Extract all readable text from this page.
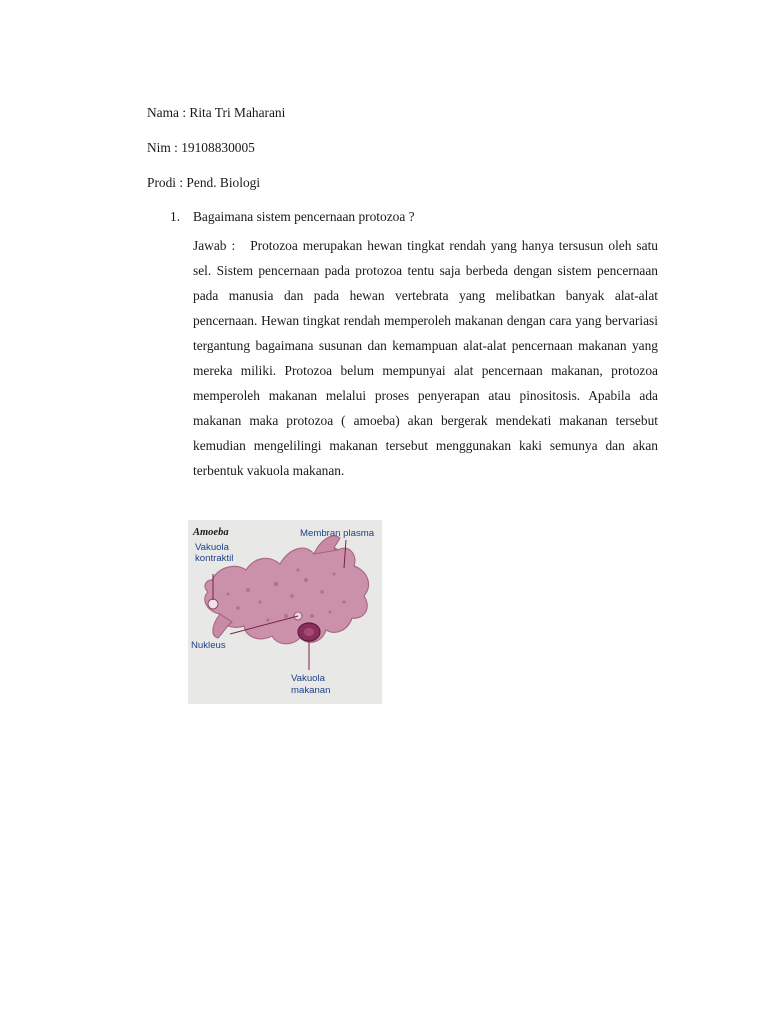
Nama : Rita Tri Maharani
Nim : 19108830005
Prodi : Pend. Biologi
1. Bagaimana sistem pencernaan protozoa ?
Jawab : Protozoa merupakan hewan tingkat rendah yang hanya tersusun oleh satu sel. Sistem pencernaan pada protozoa tentu saja berbeda dengan sistem pencernaan pada manusia dan pada hewan vertebrata yang melibatkan banyak alat-alat pencernaan. Hewan tingkat rendah memperoleh makanan dengan cara yang bervariasi tergantung bagaimana susunan dan kemampuan alat-alat pencernaan makanan yang mereka miliki. Protozoa belum mempunyai alat pencernaan makanan, protozoa memperoleh makanan melalui proses penyerapan atau pinositosis. Apabila ada makanan maka protozoa ( amoeba) akan bergerak mendekati makanan tersebut kemudian mengelilingi makanan tersebut menggunakan kaki semunya dan akan terbentuk vakuola makanan.
Amoeba	Membran plasma
Vakuola
kontraktil
Nukleus
Vakuola
makanan
